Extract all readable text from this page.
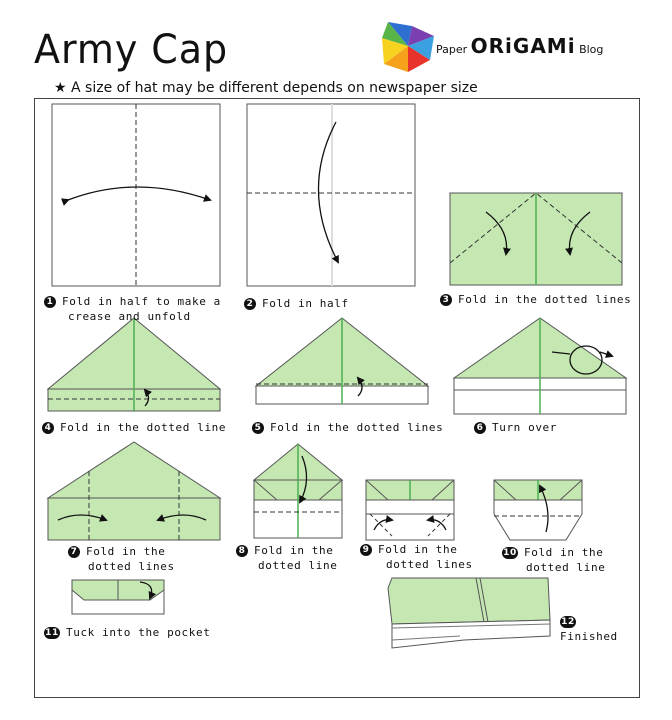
Army Cap	Paper ORiGAMi Blog
★ A size of hat may be different depends on newspaper size
1 Fold in half to make a
crease and unfold
2 Fold in half	3 Fold in the dotted lines
4 Fold in the dotted line	5 Fold in the dotted lines	6 Turn over
7 Fold in the
dotted lines
8 Fold in the
dotted line
9 Fold in the
dotted lines
10 Fold in the
dotted line
11 Tuck into the pocket
12
Finished
